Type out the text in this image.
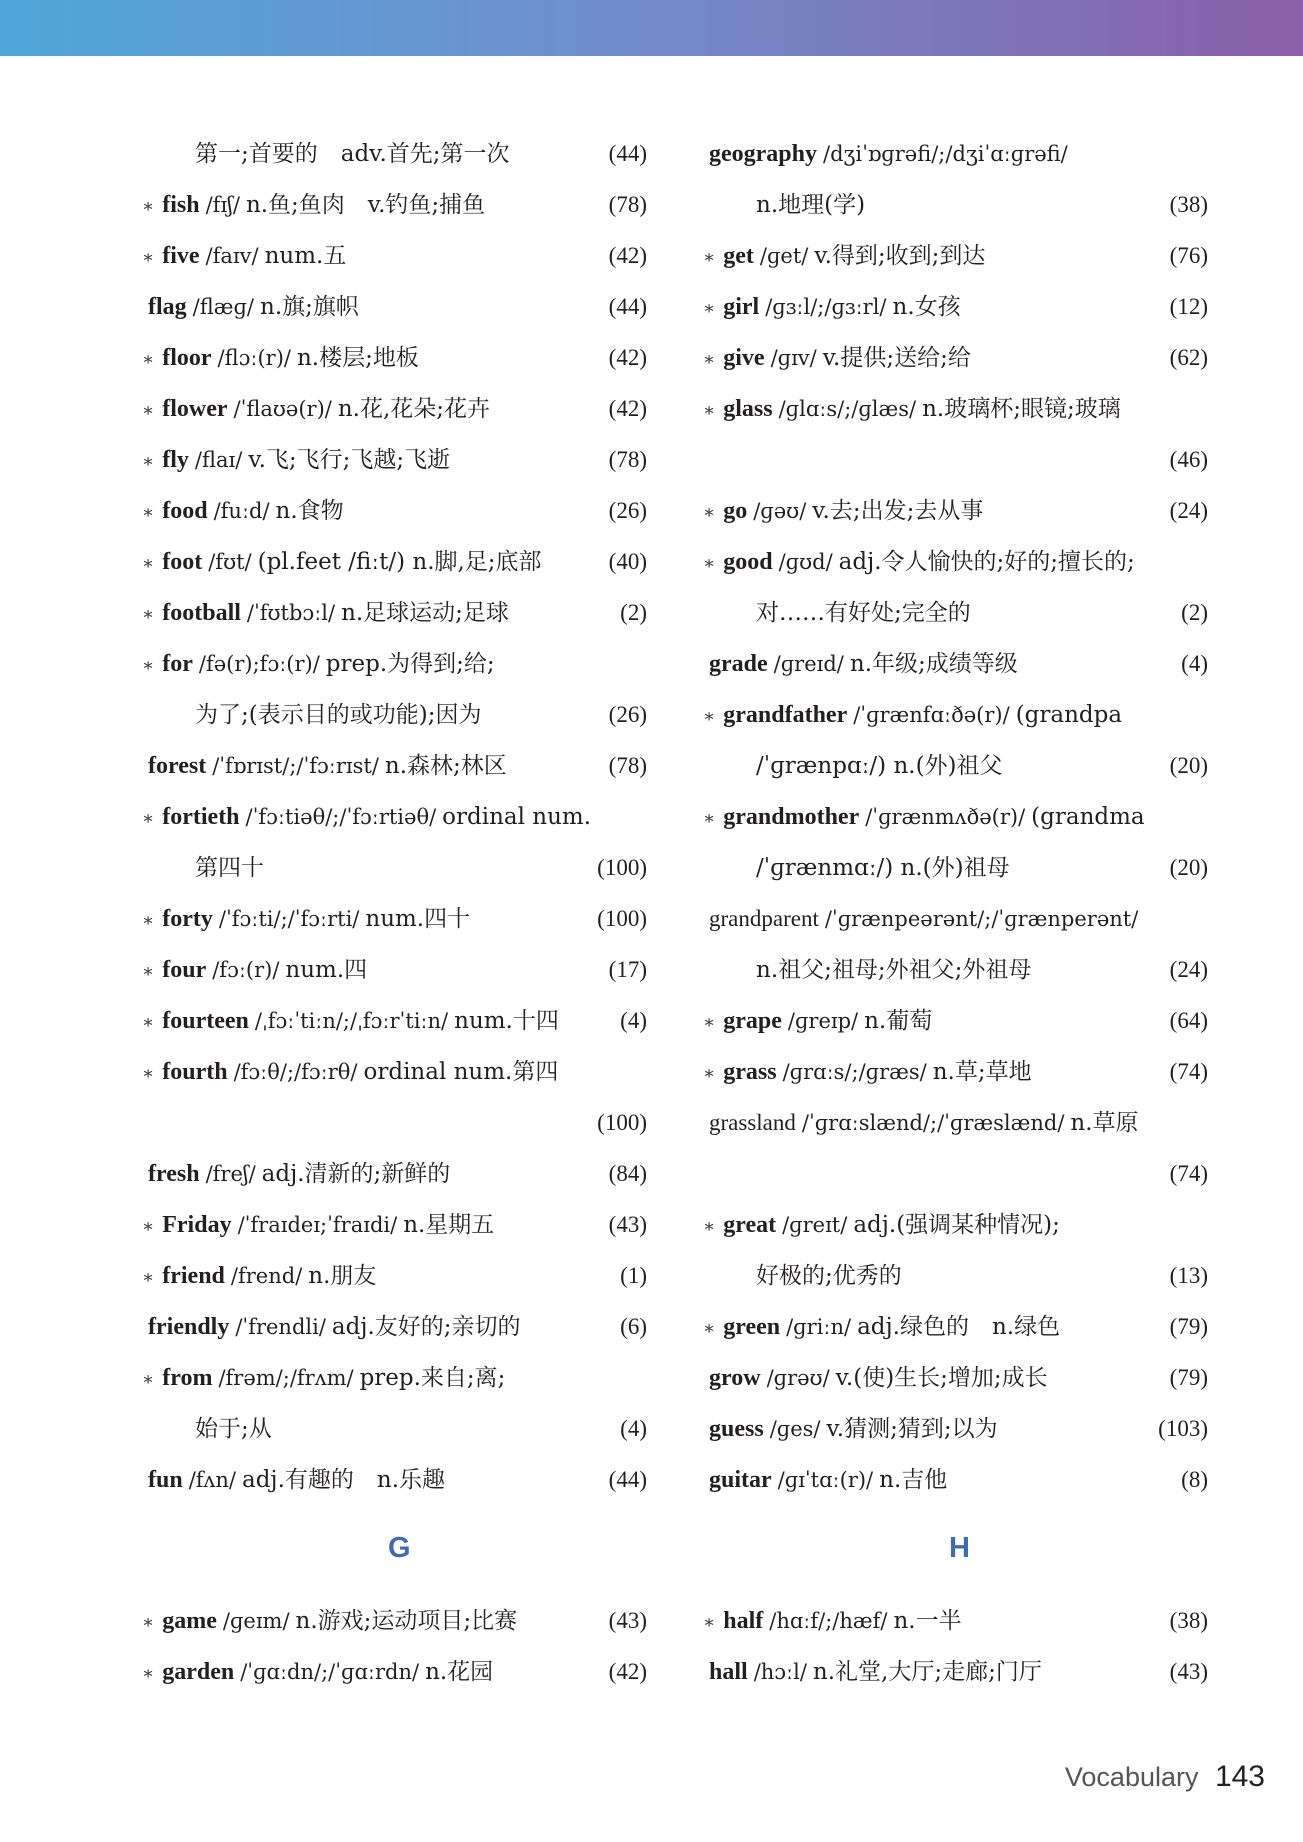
第一;首要的　adv.首先;第一次	(44)
∗ fish /fɪʃ/ n.鱼;鱼肉　v.钓鱼;捕鱼	(78)
∗ five /faɪv/ num.五	(42)
flag /flæɡ/ n.旗;旗帜	(44)
∗ floor /flɔː(r)/ n.楼层;地板	(42)
∗ flower /ˈflaʊə(r)/ n.花,花朵;花卉	(42)
∗ fly /flaɪ/ v.飞;飞行;飞越;飞逝	(78)
∗ food /fuːd/ n.食物	(26)
∗ foot /fʊt/ (pl.feet /fiːt/) n.脚,足;底部	(40)
∗ football /ˈfʊtbɔːl/ n.足球运动;足球	(2)
∗ for /fə(r);fɔː(r)/ prep.为得到;给;
为了;(表示目的或功能);因为	(26)
forest /ˈfɒrɪst/;/ˈfɔːrɪst/ n.森林;林区	(78)
∗ fortieth /ˈfɔːtiəθ/;/ˈfɔːrtiəθ/ ordinal num.
第四十	(100)
∗ forty /ˈfɔːti/;/ˈfɔːrti/ num.四十	(100)
∗ four /fɔː(r)/ num.四	(17)
∗ fourteen /ˌfɔːˈtiːn/;/ˌfɔːrˈtiːn/ num.十四	(4)
∗ fourth /fɔːθ/;/fɔːrθ/ ordinal num.第四
(100)
fresh /freʃ/ adj.清新的;新鲜的	(84)
∗ Friday /ˈfraɪdeɪ;ˈfraɪdi/ n.星期五	(43)
∗ friend /frend/ n.朋友	(1)
friendly /ˈfrendli/ adj.友好的;亲切的	(6)
∗ from /frəm/;/frʌm/ prep.来自;离;
始于;从	(4)
fun /fʌn/ adj.有趣的　n.乐趣	(44)
geography /dʒiˈɒɡrəfi/;/dʒiˈɑːɡrəfi/
n.地理(学)	(38)
∗ get /ɡet/ v.得到;收到;到达	(76)
∗ girl /ɡɜːl/;/ɡɜːrl/ n.女孩	(12)
∗ give /ɡɪv/ v.提供;送给;给	(62)
∗ glass /ɡlɑːs/;/ɡlæs/ n.玻璃杯;眼镜;玻璃
(46)
∗ go /ɡəʊ/ v.去;出发;去从事	(24)
∗ good /ɡʊd/ adj.令人愉快的;好的;擅长的;
对……有好处;完全的	(2)
grade /ɡreɪd/ n.年级;成绩等级	(4)
∗ grandfather /ˈɡrænfɑːðə(r)/ (grandpa
/ˈɡrænpɑː/) n.(外)祖父	(20)
∗ grandmother /ˈɡrænmʌðə(r)/ (grandma
/ˈɡrænmɑː/) n.(外)祖母	(20)
grandparent /ˈɡrænpeərənt/;/ˈɡrænperənt/
n.祖父;祖母;外祖父;外祖母	(24)
∗ grape /ɡreɪp/ n.葡萄	(64)
∗ grass /ɡrɑːs/;/ɡræs/ n.草;草地	(74)
grassland /ˈɡrɑːslænd/;/ˈɡræslænd/ n.草原
(74)
∗ great /ɡreɪt/ adj.(强调某种情况);
好极的;优秀的	(13)
∗ green /ɡriːn/ adj.绿色的　n.绿色	(79)
grow /ɡrəʊ/ v.(使)生长;增加;成长	(79)
guess /ɡes/ v.猜测;猜到;以为	(103)
guitar /ɡɪˈtɑː(r)/ n.吉他	(8)
G	H
∗ game /ɡeɪm/ n.游戏;运动项目;比赛	(43)
∗ garden /ˈɡɑːdn/;/ˈɡɑːrdn/ n.花园	(42)
∗ half /hɑːf/;/hæf/ n.一半	(38)
hall /hɔːl/ n.礼堂,大厅;走廊;门厅	(43)
Vocabulary 143
